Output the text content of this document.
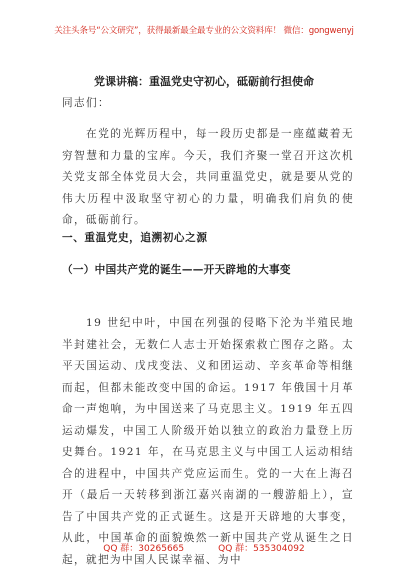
关注头条号“公文研究”，获得最新最全最专业的公文资料库！ 微信：gongwenyj
党课讲稿：重温党史守初心，砥砺前行担使命
同志们：
在党的光辉历程中，每一段历史都是一座蕴藏着无穷智慧和力量的宝库。今天，我们齐聚一堂召开这次机关党支部全体党员大会，共同重温党史，就是要从党的伟大历程中汲取坚守初心的力量，明确我们肩负的使命，砥砺前行。
一、重温党史，追溯初心之源
（一）中国共产党的诞生——开天辟地的大事变
19 世纪中叶，中国在列强的侵略下沦为半殖民地半封建社会，无数仁人志士开始探索救亡图存之路。太平天国运动、戊戌变法、义和团运动、辛亥革命等相继而起，但都未能改变中国的命运。1917 年俄国十月革命一声炮响，为中国送来了马克思主义。1919 年五四运动爆发，中国工人阶级开始以独立的政治力量登上历史舞台。1921 年，在马克思主义与中国工人运动相结合的进程中，中国共产党应运而生。党的一大在上海召开（最后一天转移到浙江嘉兴南湖的一艘游船上），宣告了中国共产党的正式诞生。这是开天辟地的大事变，从此，中国革命的面貌焕然一新中国共产党从诞生之日起，就把为中国人民谋幸福、为中
QQ 群：30265665	QQ 群：535304092
